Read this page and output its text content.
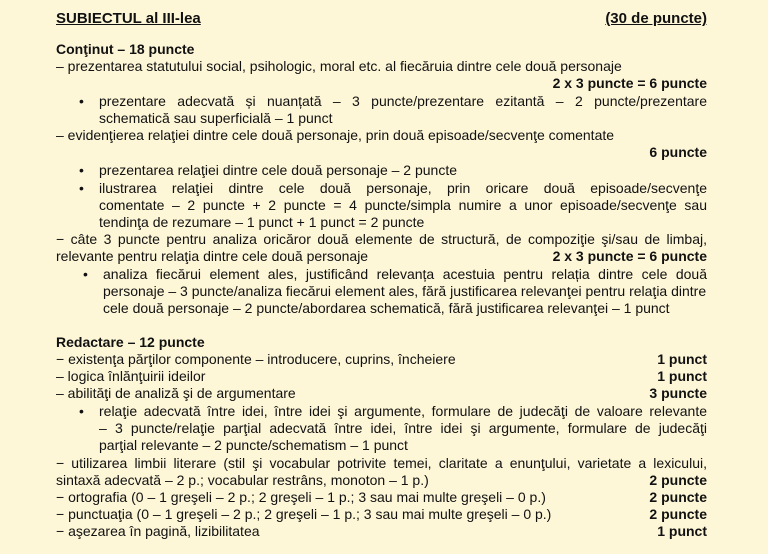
SUBIECTUL al III-lea	(30 de puncte)
Conţinut – 18 puncte
– prezentarea statutului social, psihologic, moral etc. al fiecăruia dintre cele două personaje
2 x 3 puncte = 6 puncte
• prezentare adecvată și nuanțată – 3 puncte/prezentare ezitantă – 2 puncte/prezentare
schematică sau superficială – 1 punct
– evidenţierea relaţiei dintre cele două personaje, prin două episoade/secvenţe comentate
6 puncte
• prezentarea relaţiei dintre cele două personaje – 2 puncte
• ilustrarea relaţiei dintre cele două personaje, prin oricare două episoade/secvenţe
comentate – 2 puncte + 2 puncte = 4 puncte/simpla numire a unor episoade/secvenţe sau
tendinţa de rezumare – 1 punct + 1 punct = 2 puncte
− câte 3 puncte pentru analiza oricăror două elemente de structură, de compoziţie şi/sau de limbaj,
relevante pentru relaţia dintre cele două personaje	2 x 3 puncte = 6 puncte
• analiza fiecărui element ales, justificând relevanța acestuia pentru relația dintre cele două
personaje – 3 puncte/analiza fiecărui element ales, fără justificarea relevanţei pentru relaţia dintre
cele două personaje – 2 puncte/abordarea schematică, fără justificarea relevanţei – 1 punct
Redactare – 12 puncte
− existenţa părţilor componente – introducere, cuprins, încheiere	1 punct
– logica înlănţuirii ideilor	1 punct
– abilităţi de analiză şi de argumentare	3 puncte
• relaţie adecvată între idei, între idei şi argumente, formulare de judecăţi de valoare relevante
– 3 puncte/relaţie parţial adecvată între idei, între idei şi argumente, formulare de judecăţi
parţial relevante – 2 puncte/schematism – 1 punct
− utilizarea limbii literare (stil şi vocabular potrivite temei, claritate a enunţului, varietate a lexicului,
sintaxă adecvată – 2 p.; vocabular restrâns, monoton – 1 p.)	2 puncte
− ortografia (0 – 1 greşeli – 2 p.; 2 greşeli – 1 p.; 3 sau mai multe greşeli – 0 p.)	2 puncte
− punctuaţia (0 – 1 greşeli – 2 p.; 2 greşeli – 1 p.; 3 sau mai multe greşeli – 0 p.)	2 puncte
− aşezarea în pagină, lizibilitatea	1 punct
